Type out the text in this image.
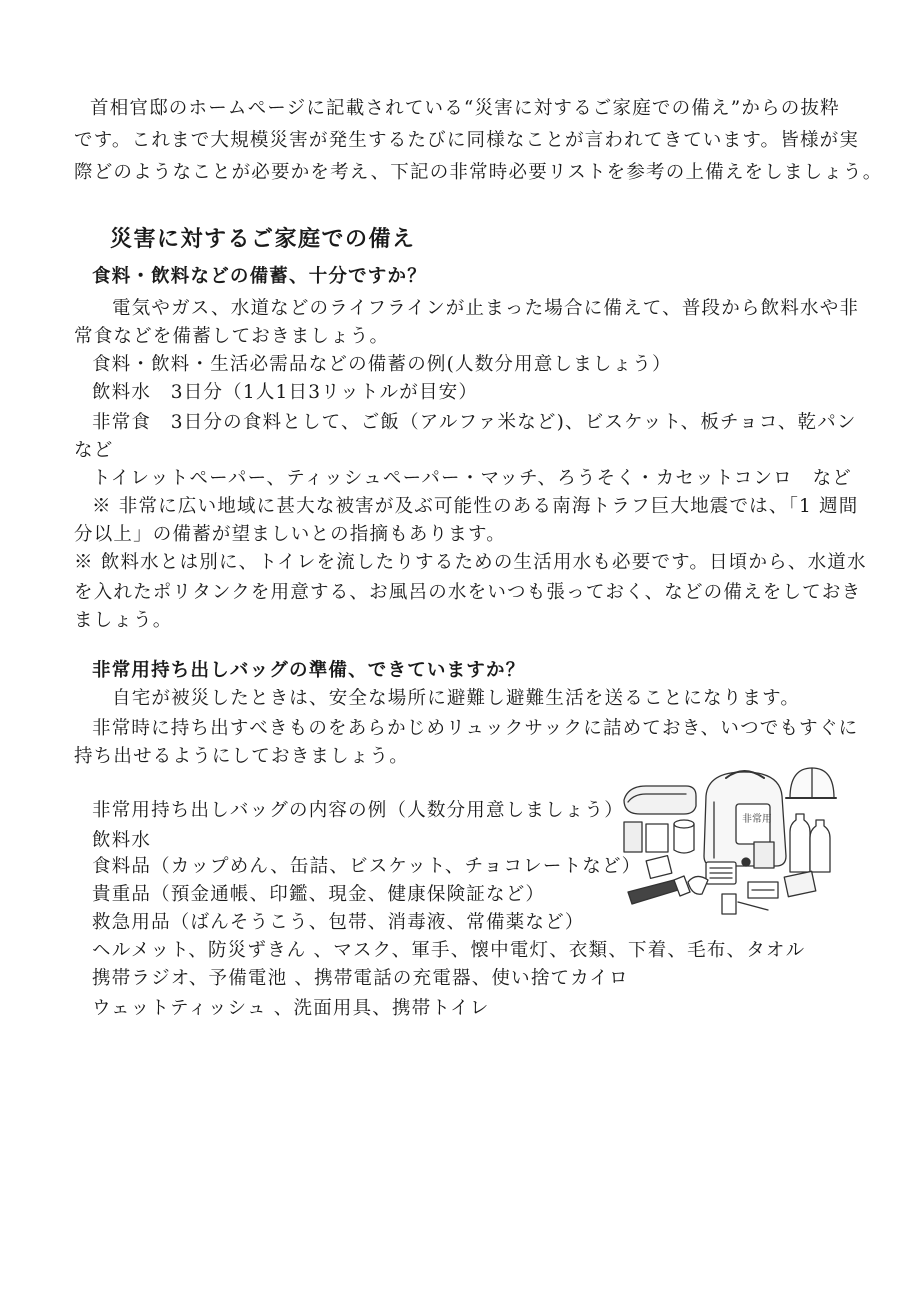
首相官邸のホームページに記載されている“災害に対するご家庭での備え”からの抜粋

です。これまで大規模災害が発生するたびに同様なことが言われてきています。皆様が実

際どのようなことが必要かを考え、下記の非常時必要リストを参考の上備えをしましょう。

災害に対するご家庭での備え

食料・飲料などの備蓄、十分ですか？

電気やガス、水道などのライフラインが止まった場合に備えて、普段から飲料水や非

常食などを備蓄しておきましょう。

食料・飲料・生活必需品などの備蓄の例(人数分用意しましょう）

飲料水　3日分（1人1日3リットルが目安）

非常食　3日分の食料として、ご飯（アルファ米など)、ビスケット、板チョコ、乾パン

など

トイレットペーパー、ティッシュペーパー・マッチ、ろうそく・カセットコンロ　など

※ 非常に広い地域に甚大な被害が及ぶ可能性のある南海トラフ巨大地震では、「1 週間

分以上」の備蓄が望ましいとの指摘もあります。

※ 飲料水とは別に、トイレを流したりするための生活用水も必要です。日頃から、水道水

を入れたポリタンクを用意する、お風呂の水をいつも張っておく、などの備えをしておき

ましょう。

非常用持ち出しバッグの準備、できていますか？

自宅が被災したときは、安全な場所に避難し避難生活を送ることになります。

非常時に持ち出すべきものをあらかじめリュックサックに詰めておき、いつでもすぐに

持ち出せるようにしておきましょう。

非常用持ち出しバッグの内容の例（人数分用意しましょう）

飲料水

食料品（カップめん、缶詰、ビスケット、チョコレートなど）

貴重品（預金通帳、印鑑、現金、健康保険証など）

救急用品（ばんそうこう、包帯、消毒液、常備薬など）

ヘルメット、防災ずきん 、マスク、軍手、懐中電灯、衣類、下着、毛布、タオル

携帯ラジオ、予備電池 、携帯電話の充電器、使い捨てカイロ

ウェットティッシュ 、洗面用具、携帯トイレ

非常用
